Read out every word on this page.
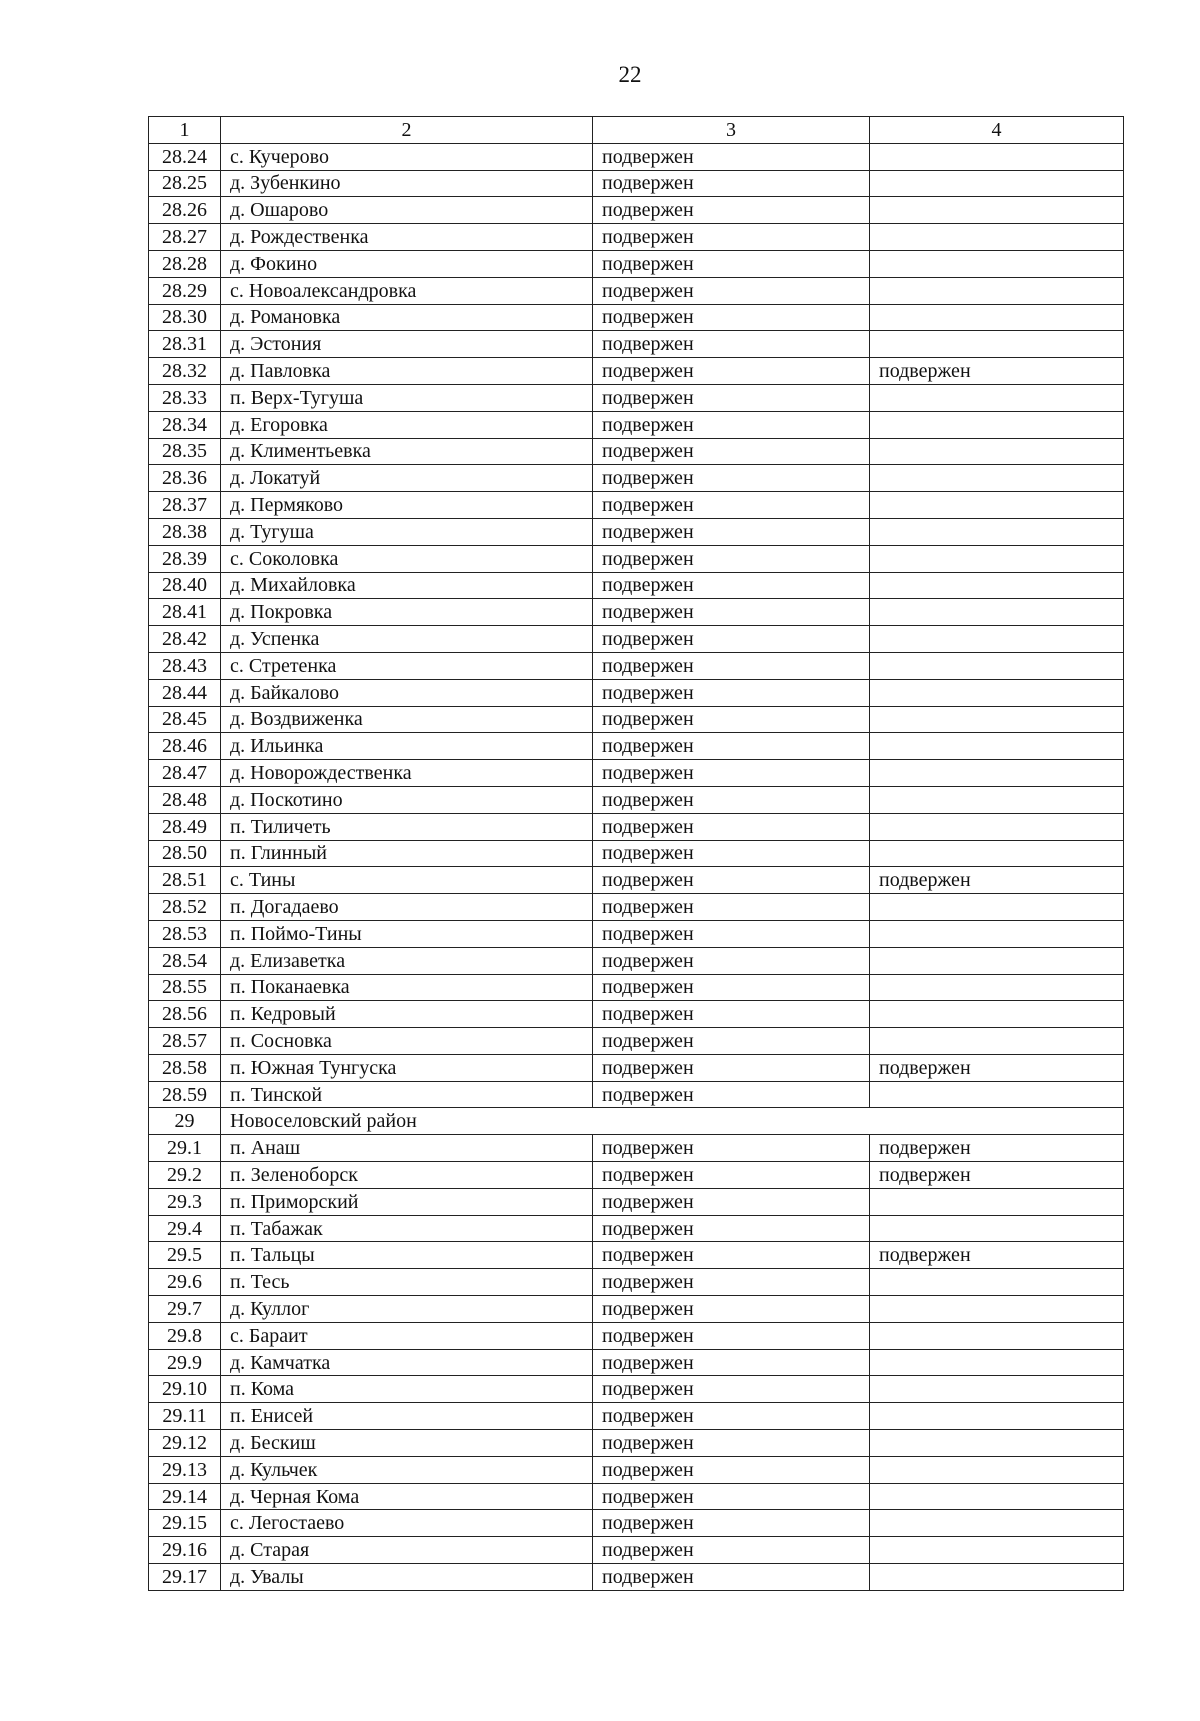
22
1	2	3	4
28.24	с. Кучерово	подвержен	
28.25	д. Зубенкино	подвержен	
28.26	д. Ошарово	подвержен	
28.27	д. Рождественка	подвержен	
28.28	д. Фокино	подвержен	
28.29	с. Новоалександровка	подвержен	
28.30	д. Романовка	подвержен	
28.31	д. Эстония	подвержен	
28.32	д. Павловка	подвержен	подвержен
28.33	п. Верх-Тугуша	подвержен	
28.34	д. Егоровка	подвержен	
28.35	д. Климентьевка	подвержен	
28.36	д. Локатуй	подвержен	
28.37	д. Пермяково	подвержен	
28.38	д. Тугуша	подвержен	
28.39	с. Соколовка	подвержен	
28.40	д. Михайловка	подвержен	
28.41	д. Покровка	подвержен	
28.42	д. Успенка	подвержен	
28.43	с. Стретенка	подвержен	
28.44	д. Байкалово	подвержен	
28.45	д. Воздвиженка	подвержен	
28.46	д. Ильинка	подвержен	
28.47	д. Новорождественка	подвержен	
28.48	д. Поскотино	подвержен	
28.49	п. Тиличеть	подвержен	
28.50	п. Глинный	подвержен	
28.51	с. Тины	подвержен	подвержен
28.52	п. Догадаево	подвержен	
28.53	п. Поймо-Тины	подвержен	
28.54	д. Елизаветка	подвержен	
28.55	п. Поканаевка	подвержен	
28.56	п. Кедровый	подвержен	
28.57	п. Сосновка	подвержен	
28.58	п. Южная Тунгуска	подвержен	подвержен
28.59	п. Тинской	подвержен	
29	Новоселовский район		
29.1	п. Анаш	подвержен	подвержен
29.2	п. Зеленоборск	подвержен	подвержен
29.3	п. Приморский	подвержен	
29.4	п. Табажак	подвержен	
29.5	п. Тальцы	подвержен	подвержен
29.6	п. Тесь	подвержен	
29.7	д. Куллог	подвержен	
29.8	с. Бараит	подвержен	
29.9	д. Камчатка	подвержен	
29.10	п. Кома	подвержен	
29.11	п. Енисей	подвержен	
29.12	д. Бескиш	подвержен	
29.13	д. Кульчек	подвержен	
29.14	д. Черная Кома	подвержен	
29.15	с. Легостаево	подвержен	
29.16	д. Старая	подвержен	
29.17	д. Увалы	подвержен	
